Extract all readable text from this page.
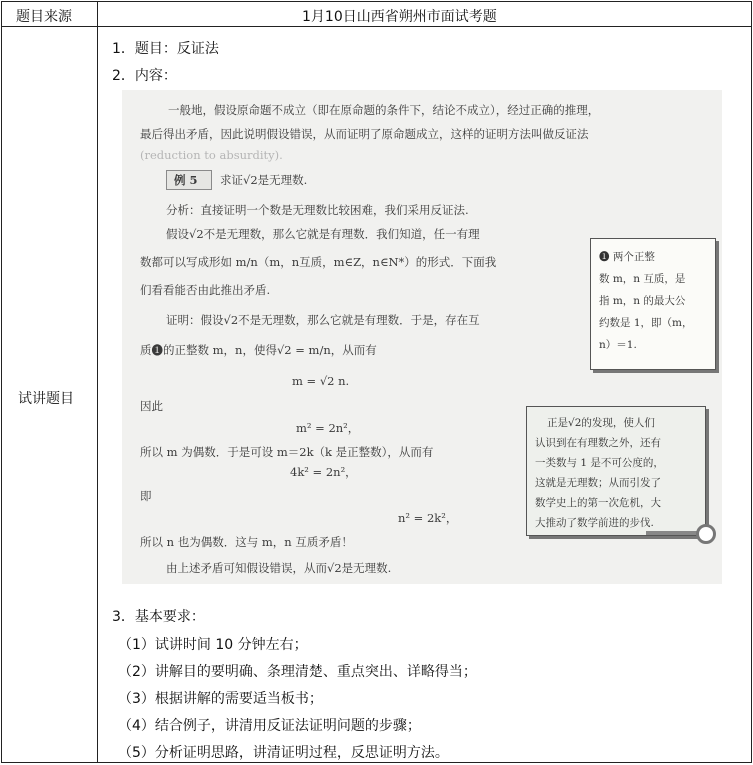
题目来源	1月10日山西省朔州市面试考题
试讲题目
1．题目：反证法
2．内容：
一般地，假设原命题不成立（即在原命题的条件下，结论不成立），经过正确的推理，
最后得出矛盾，因此说明假设错误，从而证明了原命题成立，这样的证明方法叫做反证法
(reduction to absurdity).
例 5 求证√2是无理数.
分析：直接证明一个数是无理数比较困难，我们采用反证法.
假设√2不是无理数，那么它就是有理数．我们知道，任一有理
数都可以写成形如 m/n（m，n互质，m∈Z，n∈N*）的形式．下面我
们看看能否由此推出矛盾.
证明：假设√2不是无理数，那么它就是有理数．于是，存在互
质❶的正整数 m，n，使得√2 = m/n，从而有
m = √2 n.
因此
m² = 2n²，
所以 m 为偶数．于是可设 m＝2k（k 是正整数），从而有
4k² = 2n²，
即
n² = 2k²，
所以 n 也为偶数．这与 m，n 互质矛盾！
由上述矛盾可知假设错误，从而√2是无理数.
❶ 两个正整
数 m，n 互质，是
指 m，n 的最大公
约数是 1，即（m，
n）＝1.
正是√2的发现，使人们
认识到在有理数之外，还有
一类数与 1 是不可公度的，
这就是无理数；从而引发了
数学史上的第一次危机，大
大推动了数学前进的步伐.
3．基本要求：
（1）试讲时间 10 分钟左右；
（2）讲解目的要明确、条理清楚、重点突出、详略得当；
（3）根据讲解的需要适当板书；
（4）结合例子，讲清用反证法证明问题的步骤；
（5）分析证明思路，讲清证明过程，反思证明方法。
